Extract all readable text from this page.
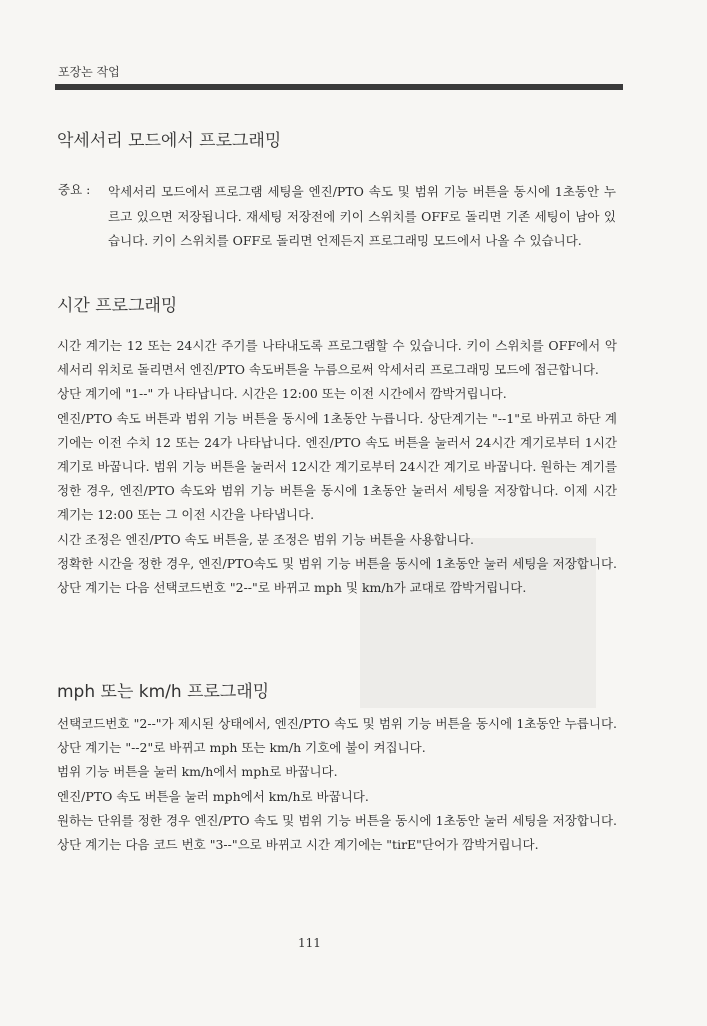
포장논 작업
악세서리 모드에서 프로그래밍
중요 : 악세서리 모드에서 프로그램 세팅을 엔진/PTO 속도 및 범위 기능 버튼을 동시에 1초동안 누르고 있으면 저장됩니다. 재세팅 저장전에 키이 스위치를 OFF로 돌리면 기존 세팅이 남아 있습니다. 키이 스위치를 OFF로 돌리면 언제든지 프로그래밍 모드에서 나올 수 있습니다.

시간 프로그래밍

시간 계기는 12 또는 24시간 주기를 나타내도록 프로그램할 수 있습니다. 키이 스위치를 OFF에서 악세서리 위치로 돌리면서 엔진/PTO 속도버튼을 누름으로써 악세서리 프로그래밍 모드에 접근합니다.

상단 계기에 "1--" 가 나타납니다. 시간은 12:00 또는 이전 시간에서 깜박거립니다.

엔진/PTO 속도 버튼과 범위 기능 버튼을 동시에 1초동안 누릅니다. 상단계기는 "--1"로 바뀌고 하단 계기에는 이전 수치 12 또는 24가 나타납니다. 엔진/PTO 속도 버튼을 눌러서 24시간 계기로부터 1시간 계기로 바꿉니다. 범위 기능 버튼을 눌러서 12시간 계기로부터 24시간 계기로 바꿉니다. 원하는 계기를 정한 경우, 엔진/PTO 속도와 범위 기능 버튼을 동시에 1초동안 눌러서 세팅을 저장합니다. 이제 시간 계기는 12:00 또는 그 이전 시간을 나타냅니다.

시간 조정은 엔진/PTO 속도 버튼을, 분 조정은 범위 기능 버튼을 사용합니다.

정확한 시간을 정한 경우, 엔진/PTO속도 및 범위 기능 버튼을 동시에 1초동안 눌러 세팅을 저장합니다. 상단 계기는 다음 선택코드번호 "2--"로 바뀌고 mph 및 km/h가 교대로 깜박거립니다.

mph 또는 km/h 프로그래밍

선택코드번호 "2--"가 제시된 상태에서, 엔진/PTO 속도 및 범위 기능 버튼을 동시에 1초동안 누릅니다. 상단 계기는 "--2"로 바뀌고 mph 또는 km/h 기호에 불이 켜집니다.

범위 기능 버튼을 눌러 km/h에서 mph로 바꿉니다.

엔진/PTO 속도 버튼을 눌러 mph에서 km/h로 바꿉니다.

원하는 단위를 정한 경우 엔진/PTO 속도 및 범위 기능 버튼을 동시에 1초동안 눌러 세팅을 저장합니다. 상단 계기는 다음 코드 번호 "3--"으로 바뀌고 시간 계기에는 "tirE"단어가 깜박거립니다.

111
